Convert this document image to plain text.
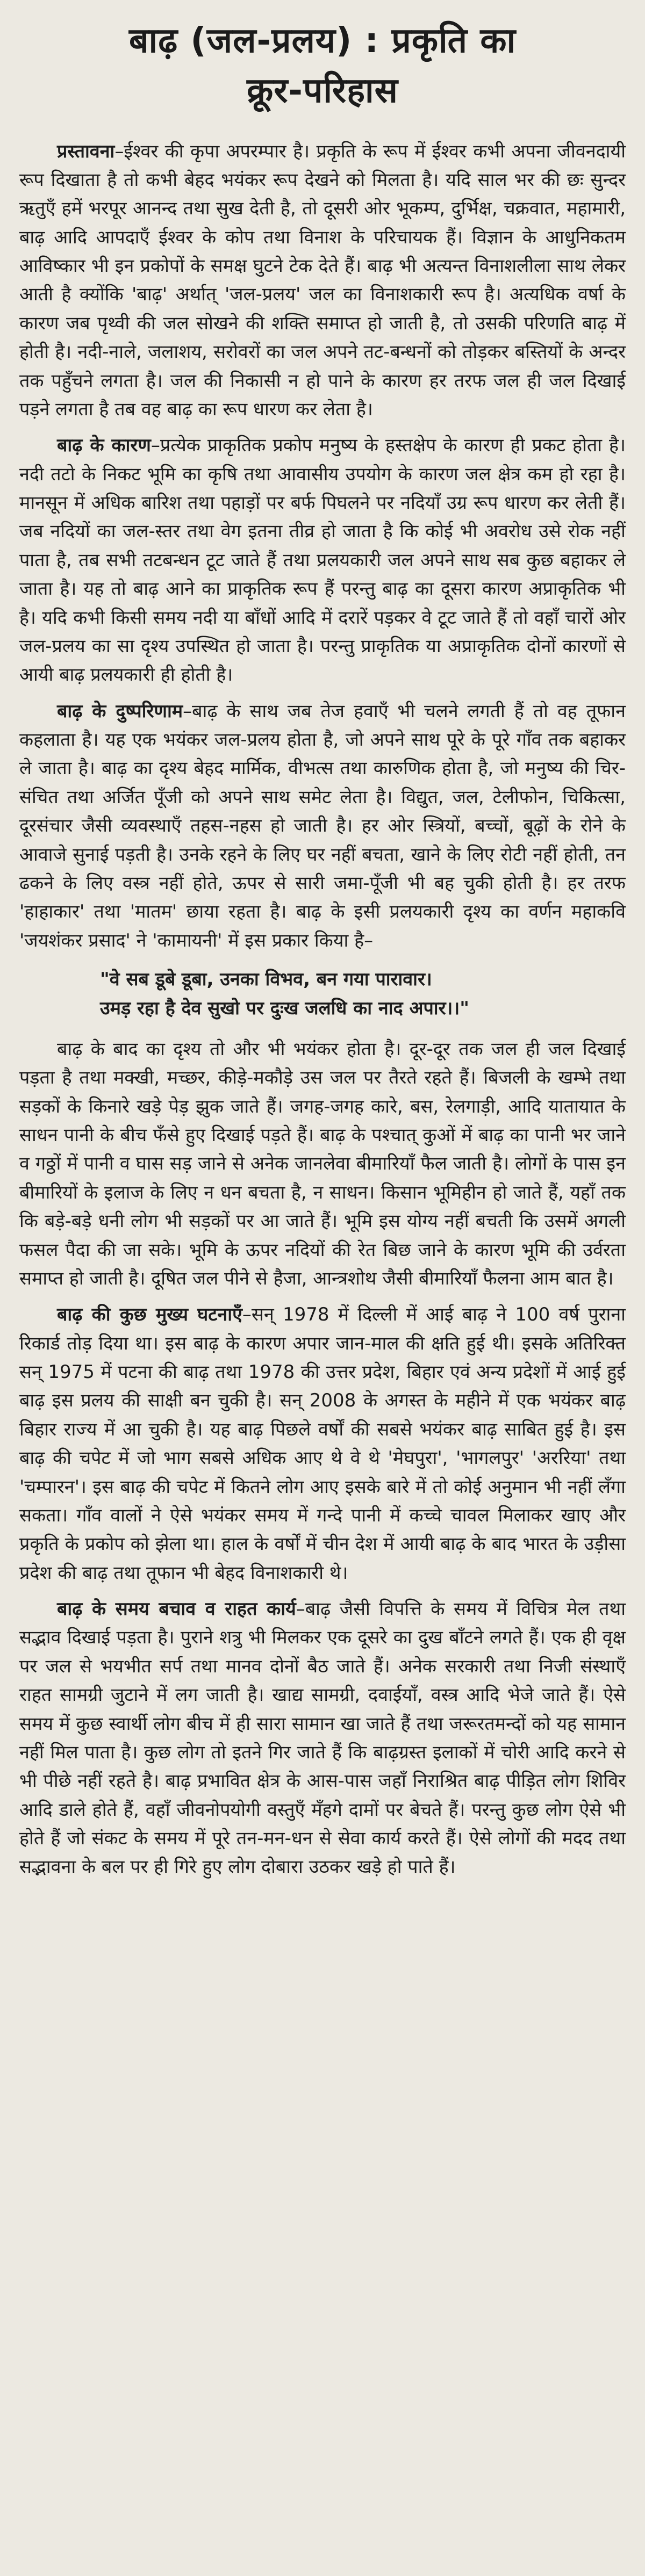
बाढ़ (जल-प्रलय) : प्रकृति का
क्रूर-परिहास

प्रस्तावना–ईश्वर की कृपा अपरम्पार है। प्रकृति के रूप में ईश्वर कभी अपना जीवनदायी रूप दिखाता है तो कभी बेहद भयंकर रूप देखने को मिलता है। यदि साल भर की छः सुन्दर ऋतुएँ हमें भरपूर आनन्द तथा सुख देती है, तो दूसरी ओर भूकम्प, दुर्भिक्ष, चक्रवात, महामारी, बाढ़ आदि आपदाएँ ईश्वर के कोप तथा विनाश के परिचायक हैं। विज्ञान के आधुनिकतम आविष्कार भी इन प्रकोपों के समक्ष घुटने टेक देते हैं। बाढ़ भी अत्यन्त विनाशलीला साथ लेकर आती है क्योंकि 'बाढ़' अर्थात् 'जल-प्रलय' जल का विनाशकारी रूप है। अत्यधिक वर्षा के कारण जब पृथ्वी की जल सोखने की शक्ति समाप्त हो जाती है, तो उसकी परिणति बाढ़ में होती है। नदी-नाले, जलाशय, सरोवरों का जल अपने तट-बन्धनों को तोड़कर बस्तियों के अन्दर तक पहुँचने लगता है। जल की निकासी न हो पाने के कारण हर तरफ जल ही जल दिखाई पड़ने लगता है तब वह बाढ़ का रूप धारण कर लेता है।

बाढ़ के कारण–प्रत्येक प्राकृतिक प्रकोप मनुष्य के हस्तक्षेप के कारण ही प्रकट होता है। नदी तटो के निकट भूमि का कृषि तथा आवासीय उपयोग के कारण जल क्षेत्र कम हो रहा है। मानसून में अधिक बारिश तथा पहाड़ों पर बर्फ पिघलने पर नदियाँ उग्र रूप धारण कर लेती हैं। जब नदियों का जल-स्तर तथा वेग इतना तीव्र हो जाता है कि कोई भी अवरोध उसे रोक नहीं पाता है, तब सभी तटबन्धन टूट जाते हैं तथा प्रलयकारी जल अपने साथ सब कुछ बहाकर ले जाता है। यह तो बाढ़ आने का प्राकृतिक रूप हैं परन्तु बाढ़ का दूसरा कारण अप्राकृतिक भी है। यदि कभी किसी समय नदी या बाँधों आदि में दरारें पड़कर वे टूट जाते हैं तो वहाँ चारों ओर जल-प्रलय का सा दृश्य उपस्थित हो जाता है। परन्तु प्राकृतिक या अप्राकृतिक दोनों कारणों से आयी बाढ़ प्रलयकारी ही होती है।

बाढ़ के दुष्परिणाम–बाढ़ के साथ जब तेज हवाएँ भी चलने लगती हैं तो वह तूफान कहलाता है। यह एक भयंकर जल-प्रलय होता है, जो अपने साथ पूरे के पूरे गाँव तक बहाकर ले जाता है। बाढ़ का दृश्य बेहद मार्मिक, वीभत्स तथा कारुणिक होता है, जो मनुष्य की चिर-संचित तथा अर्जित पूँजी को अपने साथ समेट लेता है। विद्युत, जल, टेलीफोन, चिकित्सा, दूरसंचार जैसी व्यवस्थाएँ तहस-नहस हो जाती है। हर ओर स्त्रियों, बच्चों, बूढ़ों के रोने के आवाजे सुनाई पड़ती है। उनके रहने के लिए घर नहीं बचता, खाने के लिए रोटी नहीं होती, तन ढकने के लिए वस्त्र नहीं होते, ऊपर से सारी जमा-पूँजी भी बह चुकी होती है। हर तरफ 'हाहाकार' तथा 'मातम' छाया रहता है। बाढ़ के इसी प्रलयकारी दृश्य का वर्णन महाकवि 'जयशंकर प्रसाद' ने 'कामायनी' में इस प्रकार किया है–

"वे सब डूबे डूबा, उनका विभव, बन गया पारावार।
उमड़ रहा है देव सुखो पर दुःख जलधि का नाद अपार।।"

बाढ़ के बाद का दृश्य तो और भी भयंकर होता है। दूर-दूर तक जल ही जल दिखाई पड़ता है तथा मक्खी, मच्छर, कीड़े-मकौड़े उस जल पर तैरते रहते हैं। बिजली के खम्भे तथा सड़कों के किनारे खड़े पेड़ झुक जाते हैं। जगह-जगह कारे, बस, रेलगाड़ी, आदि यातायात के साधन पानी के बीच फँसे हुए दिखाई पड़ते हैं। बाढ़ के पश्चात् कुओं में बाढ़ का पानी भर जाने व गठ्ठों में पानी व घास सड़ जाने से अनेक जानलेवा बीमारियाँ फैल जाती है। लोगों के पास इन बीमारियों के इलाज के लिए न धन बचता है, न साधन। किसान भूमिहीन हो जाते हैं, यहाँ तक कि बड़े-बड़े धनी लोग भी सड़कों पर आ जाते हैं। भूमि इस योग्य नहीं बचती कि उसमें अगली फसल पैदा की जा सके। भूमि के ऊपर नदियों की रेत बिछ जाने के कारण भूमि की उर्वरता समाप्त हो जाती है। दूषित जल पीने से हैजा, आन्त्रशोथ जैसी बीमारियाँ फैलना आम बात है।

बाढ़ की कुछ मुख्य घटनाएँ–सन् 1978 में दिल्ली में आई बाढ़ ने 100 वर्ष पुराना रिकार्ड तोड़ दिया था। इस बाढ़ के कारण अपार जान-माल की क्षति हुई थी। इसके अतिरिक्त सन् 1975 में पटना की बाढ़ तथा 1978 की उत्तर प्रदेश, बिहार एवं अन्य प्रदेशों में आई हुई बाढ़ इस प्रलय की साक्षी बन चुकी है। सन् 2008 के अगस्त के महीने में एक भयंकर बाढ़ बिहार राज्य में आ चुकी है। यह बाढ़ पिछले वर्षों की सबसे भयंकर बाढ़ साबित हुई है। इस बाढ़ की चपेट में जो भाग सबसे अधिक आए थे वे थे 'मेघपुरा', 'भागलपुर' 'अररिया' तथा 'चम्पारन'। इस बाढ़ की चपेट में कितने लोग आए इसके बारे में तो कोई अनुमान भी नहीं लँगा सकता। गाँव वालों ने ऐसे भयंकर समय में गन्दे पानी में कच्चे चावल मिलाकर खाए और प्रकृति के प्रकोप को झेला था। हाल के वर्षों में चीन देश में आयी बाढ़ के बाद भारत के उड़ीसा प्रदेश की बाढ़ तथा तूफान भी बेहद विनाशकारी थे।

बाढ़ के समय बचाव व राहत कार्य–बाढ़ जैसी विपत्ति के समय में विचित्र मेल तथा सद्भाव दिखाई पड़ता है। पुराने शत्रु भी मिलकर एक दूसरे का दुख बाँटने लगते हैं। एक ही वृक्ष पर जल से भयभीत सर्प तथा मानव दोनों बैठ जाते हैं। अनेक सरकारी तथा निजी संस्थाएँ राहत सामग्री जुटाने में लग जाती है। खाद्य सामग्री, दवाईयाँ, वस्त्र आदि भेजे जाते हैं। ऐसे समय में कुछ स्वार्थी लोग बीच में ही सारा सामान खा जाते हैं तथा जरूरतमन्दों को यह सामान नहीं मिल पाता है। कुछ लोग तो इतने गिर जाते हैं कि बाढ़ग्रस्त इलाकों में चोरी आदि करने से भी पीछे नहीं रहते है। बाढ़ प्रभावित क्षेत्र के आस-पास जहाँ निराश्रित बाढ़ पीड़ित लोग शिविर आदि डाले होते हैं, वहाँ जीवनोपयोगी वस्तुएँ मँहगे दामों पर बेचते हैं। परन्तु कुछ लोग ऐसे भी होते हैं जो संकट के समय में पूरे तन-मन-धन से सेवा कार्य करते हैं। ऐसे लोगों की मदद तथा सद्भावना के बल पर ही गिरे हुए लोग दोबारा उठकर खड़े हो पाते हैं।
